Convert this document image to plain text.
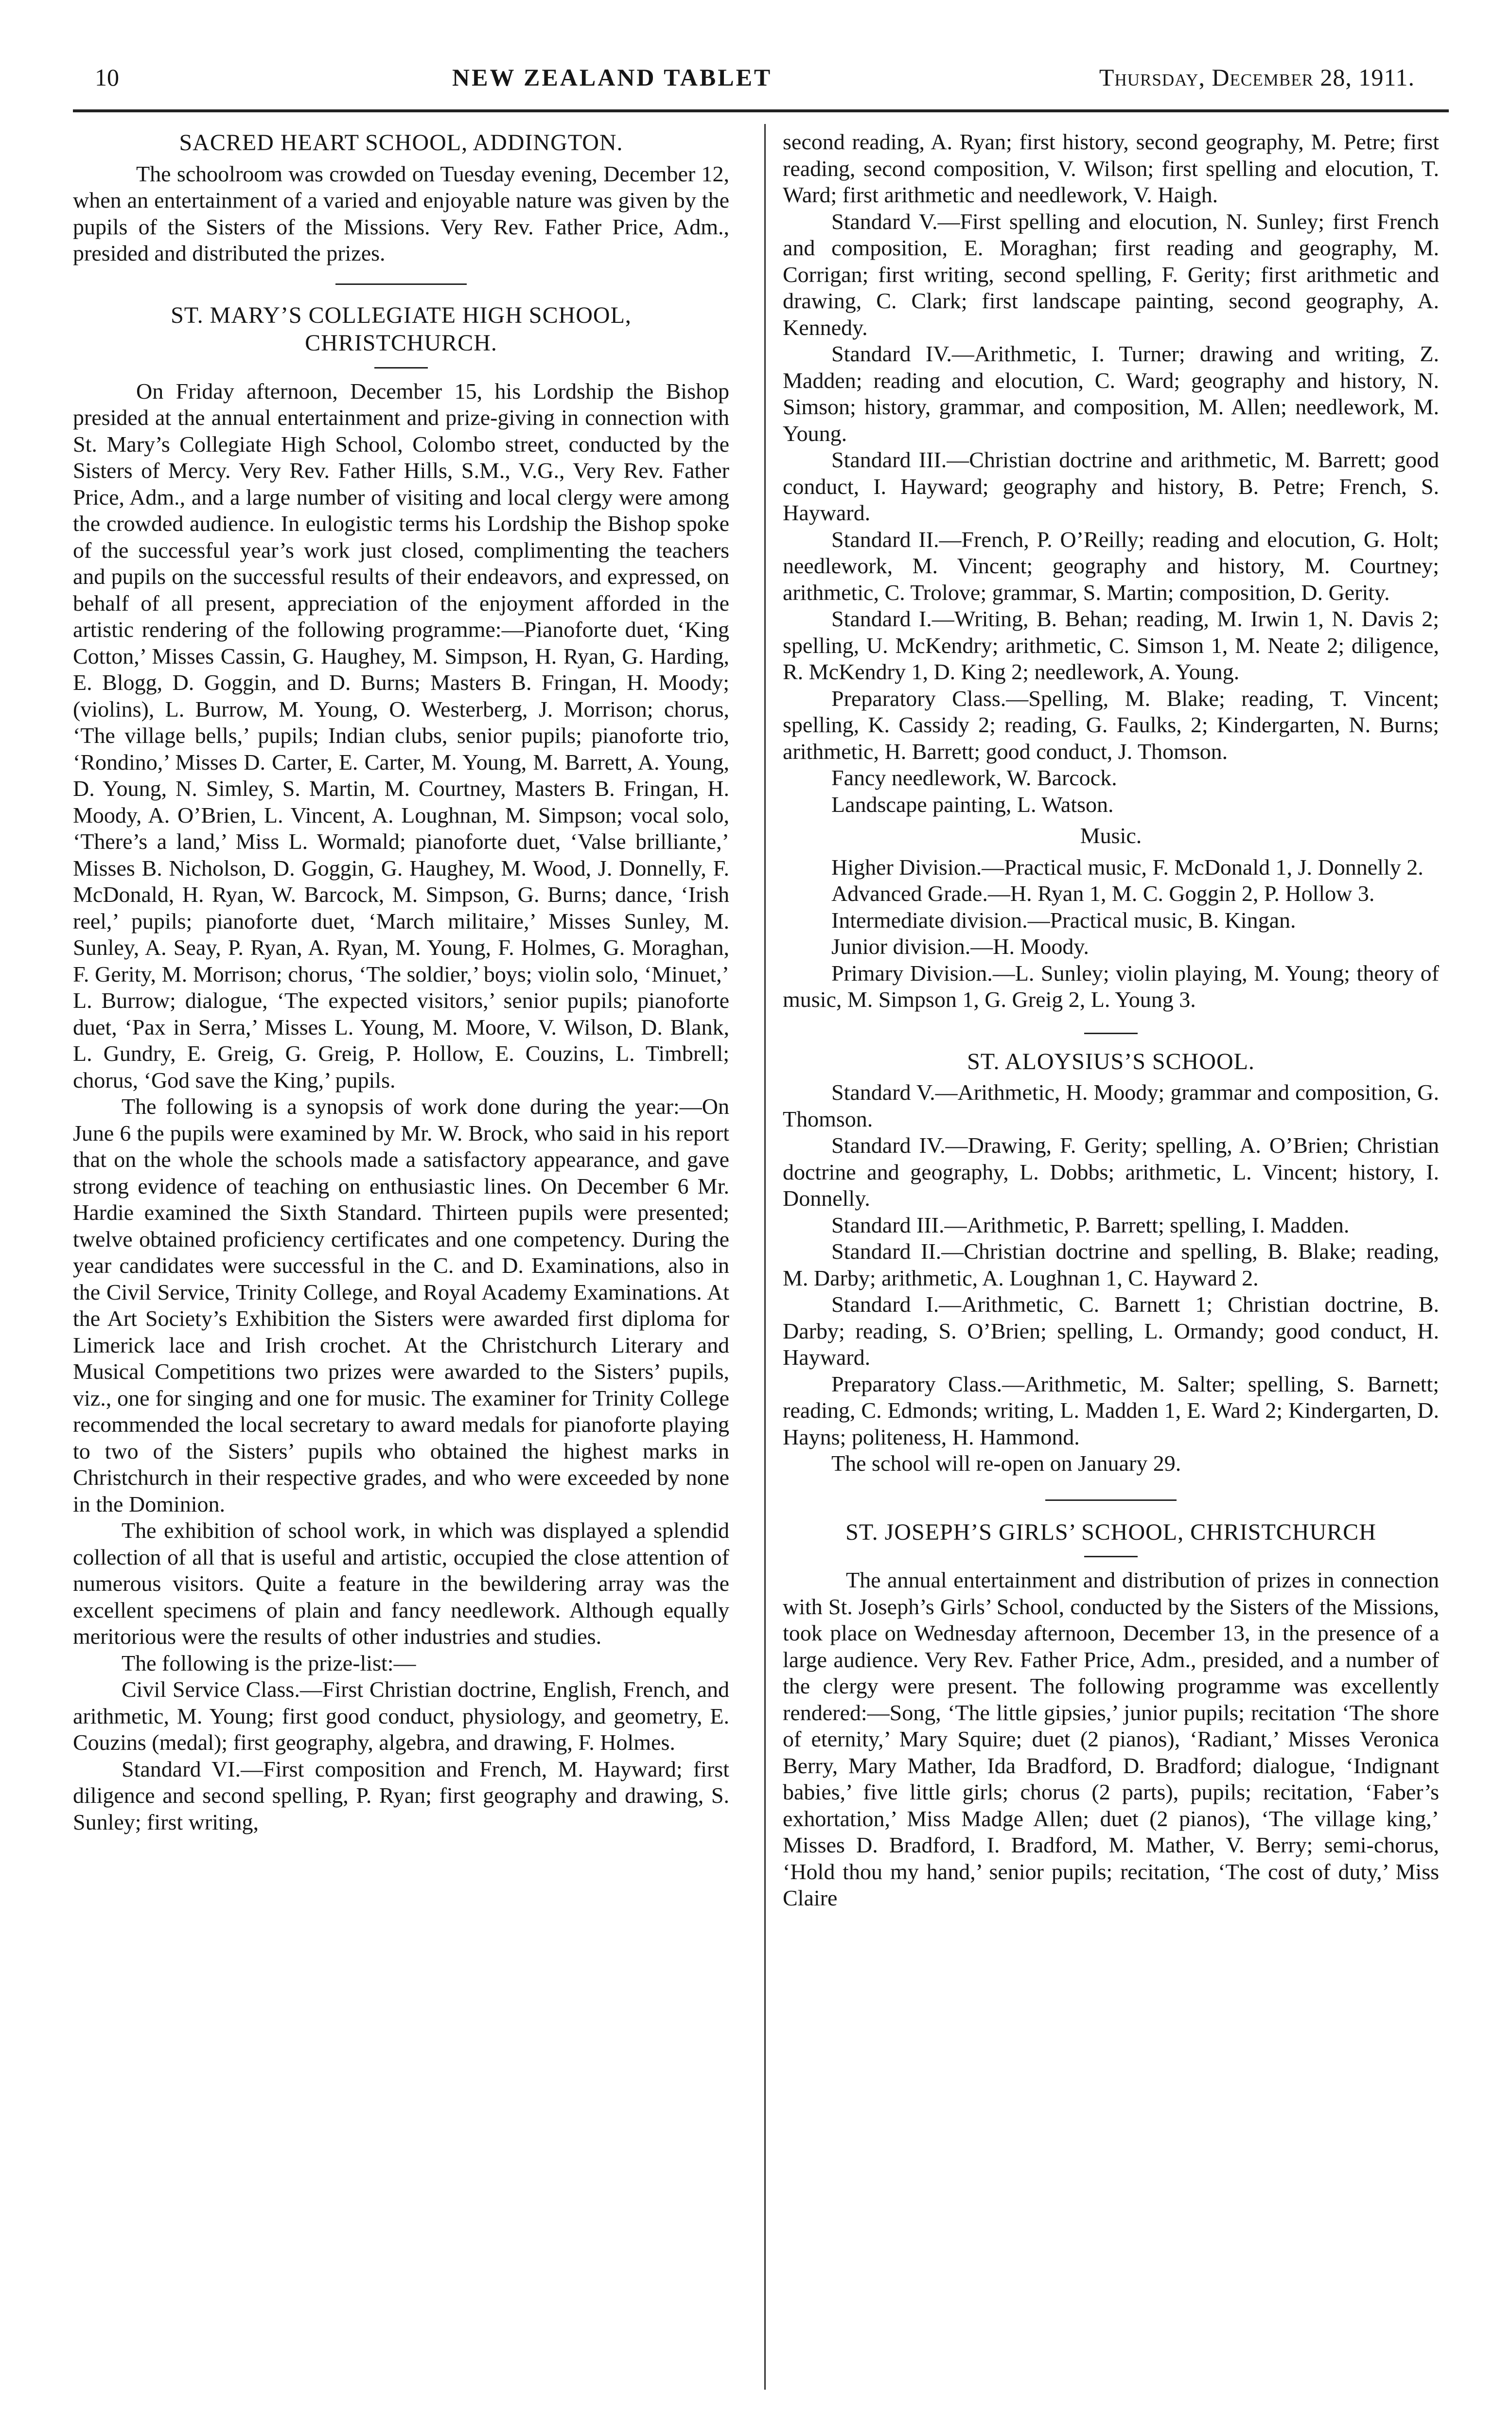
10	NEW ZEALAND TABLET	Thursday, December 28, 1911.
SACRED HEART SCHOOL, ADDINGTON.

The schoolroom was crowded on Tuesday evening, December 12, when an entertainment of a varied and enjoyable nature was given by the pupils of the Sisters of the Missions. Very Rev. Father Price, Adm., presided and distributed the prizes.

ST. MARY’S COLLEGIATE HIGH SCHOOL, CHRISTCHURCH.

On Friday afternoon, December 15, his Lordship the Bishop presided at the annual entertainment and prize-giving in connection with St. Mary’s Collegiate High School, Colombo street, conducted by the Sisters of Mercy. Very Rev. Father Hills, S.M., V.G., Very Rev. Father Price, Adm., and a large number of visiting and local clergy were among the crowded audience. In eulogistic terms his Lordship the Bishop spoke of the successful year’s work just closed, complimenting the teachers and pupils on the successful results of their endeavors, and expressed, on behalf of all present, appreciation of the enjoyment afforded in the artistic rendering of the following programme:—Pianoforte duet, ‘King Cotton,’ Misses Cassin, G. Haughey, M. Simpson, H. Ryan, G. Harding, E. Blogg, D. Goggin, and D. Burns; Masters B. Fringan, H. Moody; (violins), L. Burrow, M. Young, O. Westerberg, J. Morrison; chorus, ‘The village bells,’ pupils; Indian clubs, senior pupils; pianoforte trio, ‘Rondino,’ Misses D. Carter, E. Carter, M. Young, M. Barrett, A. Young, D. Young, N. Simley, S. Martin, M. Courtney, Masters B. Fringan, H. Moody, A. O’Brien, L. Vincent, A. Loughnan, M. Simpson; vocal solo, ‘There’s a land,’ Miss L. Wormald; pianoforte duet, ‘Valse brilliante,’ Misses B. Nicholson, D. Goggin, G. Haughey, M. Wood, J. Donnelly, F. McDonald, H. Ryan, W. Barcock, M. Simpson, G. Burns; dance, ‘Irish reel,’ pupils; pianoforte duet, ‘March militaire,’ Misses Sunley, M. Sunley, A. Seay, P. Ryan, A. Ryan, M. Young, F. Holmes, G. Moraghan, F. Gerity, M. Morrison; chorus, ‘The soldier,’ boys; violin solo, ‘Minuet,’ L. Burrow; dialogue, ‘The expected visitors,’ senior pupils; pianoforte duet, ‘Pax in Serra,’ Misses L. Young, M. Moore, V. Wilson, D. Blank, L. Gundry, E. Greig, G. Greig, P. Hollow, E. Couzins, L. Timbrell; chorus, ‘God save the King,’ pupils.

The following is a synopsis of work done during the year:—On June 6 the pupils were examined by Mr. W. Brock, who said in his report that on the whole the schools made a satisfactory appearance, and gave strong evidence of teaching on enthusiastic lines. On December 6 Mr. Hardie examined the Sixth Standard. Thirteen pupils were presented; twelve obtained proficiency certificates and one competency. During the year candidates were successful in the C. and D. Examinations, also in the Civil Service, Trinity College, and Royal Academy Examinations. At the Art Society’s Exhibition the Sisters were awarded first diploma for Limerick lace and Irish crochet. At the Christchurch Literary and Musical Competitions two prizes were awarded to the Sisters’ pupils, viz., one for singing and one for music. The examiner for Trinity College recommended the local secretary to award medals for pianoforte playing to two of the Sisters’ pupils who obtained the highest marks in Christchurch in their respective grades, and who were exceeded by none in the Dominion.

The exhibition of school work, in which was displayed a splendid collection of all that is useful and artistic, occupied the close attention of numerous visitors. Quite a feature in the bewildering array was the excellent specimens of plain and fancy needlework. Although equally meritorious were the results of other industries and studies.

The following is the prize-list:—

Civil Service Class.—First Christian doctrine, English, French, and arithmetic, M. Young; first good conduct, physiology, and geometry, E. Couzins (medal); first geography, algebra, and drawing, F. Holmes.

Standard VI.—First composition and French, M. Hayward; first diligence and second spelling, P. Ryan; first geography and drawing, S. Sunley; first writing,

second reading, A. Ryan; first history, second geography, M. Petre; first reading, second composition, V. Wilson; first spelling and elocution, T. Ward; first arithmetic and needlework, V. Haigh.

Standard V.—First spelling and elocution, N. Sunley; first French and composition, E. Moraghan; first reading and geography, M. Corrigan; first writing, second spelling, F. Gerity; first arithmetic and drawing, C. Clark; first landscape painting, second geography, A. Kennedy.

Standard IV.—Arithmetic, I. Turner; drawing and writing, Z. Madden; reading and elocution, C. Ward; geography and history, N. Simson; history, grammar, and composition, M. Allen; needlework, M. Young.

Standard III.—Christian doctrine and arithmetic, M. Barrett; good conduct, I. Hayward; geography and history, B. Petre; French, S. Hayward.

Standard II.—French, P. O’Reilly; reading and elocution, G. Holt; needlework, M. Vincent; geography and history, M. Courtney; arithmetic, C. Trolove; grammar, S. Martin; composition, D. Gerity.

Standard I.—Writing, B. Behan; reading, M. Irwin 1, N. Davis 2; spelling, U. McKendry; arithmetic, C. Simson 1, M. Neate 2; diligence, R. McKendry 1, D. King 2; needlework, A. Young.

Preparatory Class.—Spelling, M. Blake; reading, T. Vincent; spelling, K. Cassidy 2; reading, G. Faulks, 2; Kindergarten, N. Burns; arithmetic, H. Barrett; good conduct, J. Thomson.

Fancy needlework, W. Barcock.

Landscape painting, L. Watson.

Music.

Higher Division.—Practical music, F. McDonald 1, J. Donnelly 2.

Advanced Grade.—H. Ryan 1, M. C. Goggin 2, P. Hollow 3.

Intermediate division.—Practical music, B. Kingan.

Junior division.—H. Moody.

Primary Division.—L. Sunley; violin playing, M. Young; theory of music, M. Simpson 1, G. Greig 2, L. Young 3.

ST. ALOYSIUS’S SCHOOL.

Standard V.—Arithmetic, H. Moody; grammar and composition, G. Thomson.

Standard IV.—Drawing, F. Gerity; spelling, A. O’Brien; Christian doctrine and geography, L. Dobbs; arithmetic, L. Vincent; history, I. Donnelly.

Standard III.—Arithmetic, P. Barrett; spelling, I. Madden.

Standard II.—Christian doctrine and spelling, B. Blake; reading, M. Darby; arithmetic, A. Loughnan 1, C. Hayward 2.

Standard I.—Arithmetic, C. Barnett 1; Christian doctrine, B. Darby; reading, S. O’Brien; spelling, L. Ormandy; good conduct, H. Hayward.

Preparatory Class.—Arithmetic, M. Salter; spelling, S. Barnett; reading, C. Edmonds; writing, L. Madden 1, E. Ward 2; Kindergarten, D. Hayns; politeness, H. Hammond.

The school will re-open on January 29.

ST. JOSEPH’S GIRLS’ SCHOOL, CHRISTCHURCH

The annual entertainment and distribution of prizes in connection with St. Joseph’s Girls’ School, conducted by the Sisters of the Missions, took place on Wednesday afternoon, December 13, in the presence of a large audience. Very Rev. Father Price, Adm., presided, and a number of the clergy were present. The following programme was excellently rendered:—Song, ‘The little gipsies,’ junior pupils; recitation ‘The shore of eternity,’ Mary Squire; duet (2 pianos), ‘Radiant,’ Misses Veronica Berry, Mary Mather, Ida Bradford, D. Bradford; dialogue, ‘Indignant babies,’ five little girls; chorus (2 parts), pupils; recitation, ‘Faber’s exhortation,’ Miss Madge Allen; duet (2 pianos), ‘The village king,’ Misses D. Bradford, I. Bradford, M. Mather, V. Berry; semi-chorus, ‘Hold thou my hand,’ senior pupils; recitation, ‘The cost of duty,’ Miss Claire
